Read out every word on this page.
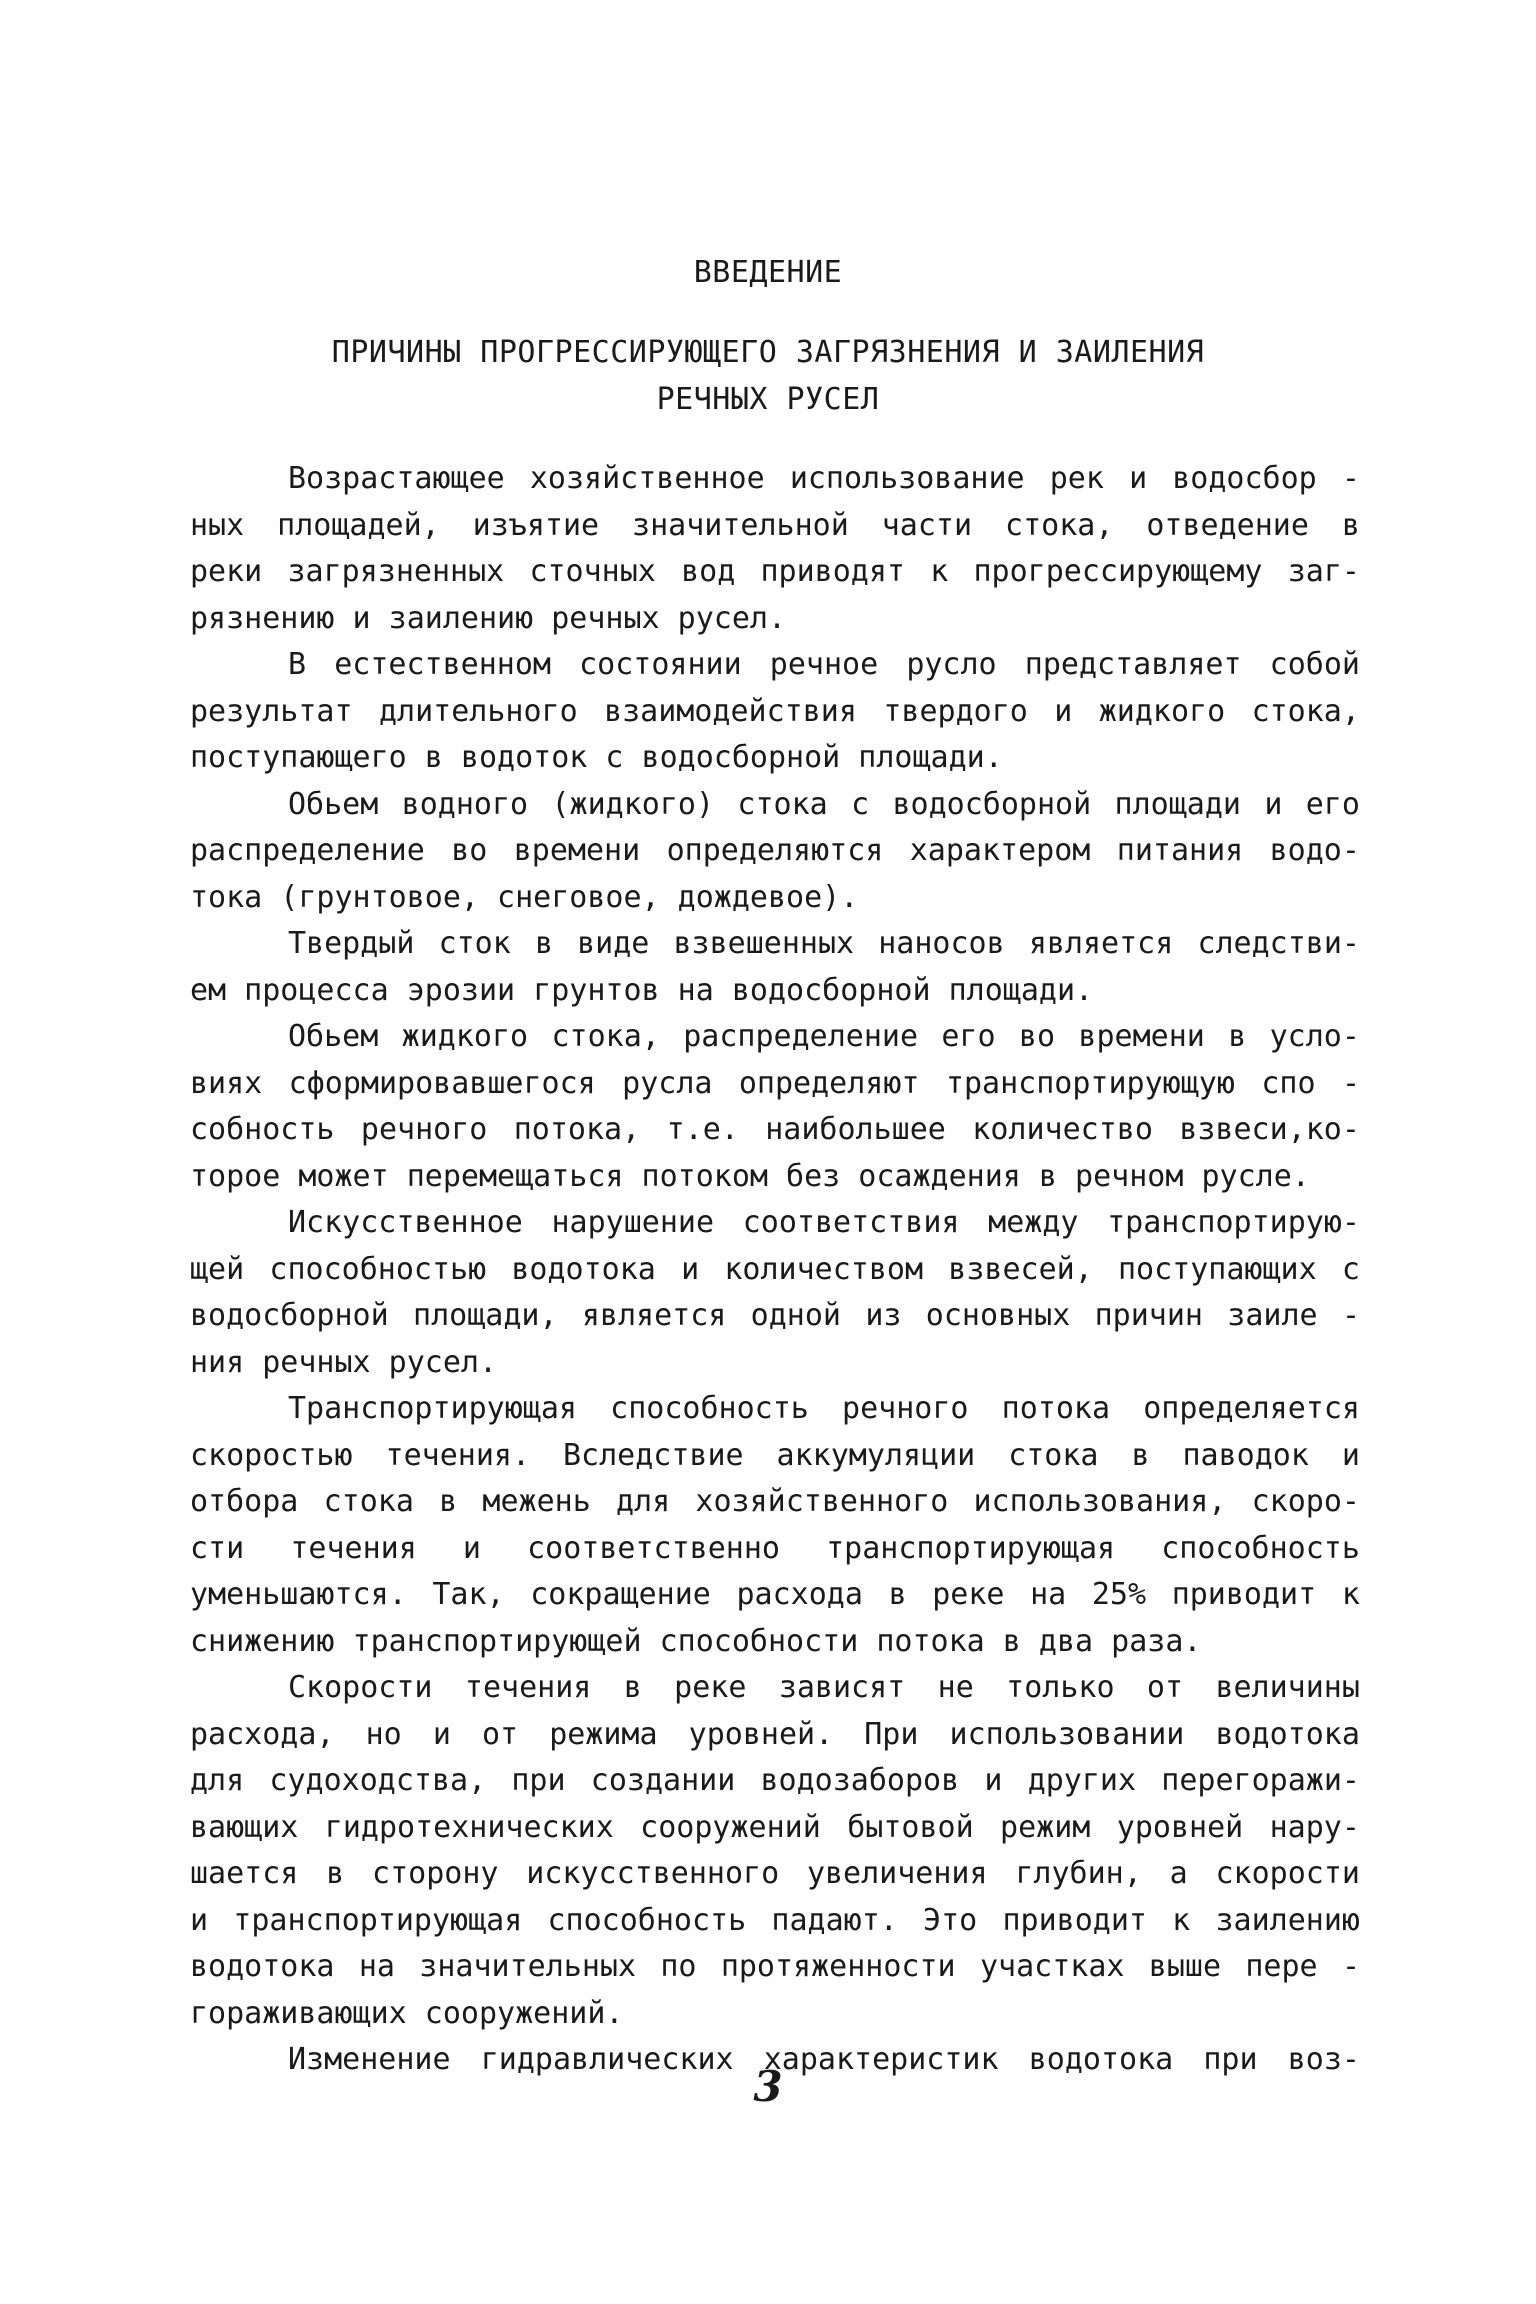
ВВЕДЕНИЕ
ПРИЧИНЫ ПРОГРЕССИРУЮЩЕГО ЗАГРЯЗНЕНИЯ И ЗАИЛЕНИЯ
РЕЧНЫХ РУСЕЛ
Возрастающее хозяйственное использование рек и водосбор -
ных площадей, изъятие значительной части стока, отведение в
реки загрязненных сточных вод приводят к прогрессирующему заг-
рязнению и заилению речных русел.
В естественном состоянии речное русло представляет собой
результат длительного взаимодействия твердого и жидкого стока,
поступающего в водоток с водосборной площади.
Обьем водного (жидкого) стока с водосборной площади и его
распределение во времени определяются характером питания водо-
тока (грунтовое, снеговое, дождевое).
Твердый сток в виде взвешенных наносов является следстви-
ем процесса эрозии грунтов на водосборной площади.
Обьем жидкого стока, распределение его во времени в усло-
виях сформировавшегося русла определяют транспортирующую спо -
собность речного потока, т.е. наибольшее количество взвеси,ко-
торое может перемещаться потоком без осаждения в речном русле.
Искусственное нарушение соответствия между транспортирую-
щей способностью водотока и количеством взвесей, поступающих с
водосборной площади, является одной из основных причин заиле -
ния речных русел.
Транспортирующая способность речного потока определяется
скоростью течения. Вследствие аккумуляции стока в паводок и
отбора стока в межень для хозяйственного использования, скоро-
сти течения и соответственно транспортирующая способность
уменьшаются. Так, сокращение расхода в реке на 25% приводит к
снижению транспортирующей способности потока в два раза.
Скорости течения в реке зависят не только от величины
расхода, но и от режима уровней. При использовании водотока
для судоходства, при создании водозаборов и других перегоражи-
вающих гидротехнических сооружений бытовой режим уровней нару-
шается в сторону искусственного увеличения глубин, а скорости
и транспортирующая способность падают. Это приводит к заилению
водотока на значительных по протяженности участках выше пере -
гораживающих сооружений.
Изменение гидравлических характеристик водотока при воз-
3
